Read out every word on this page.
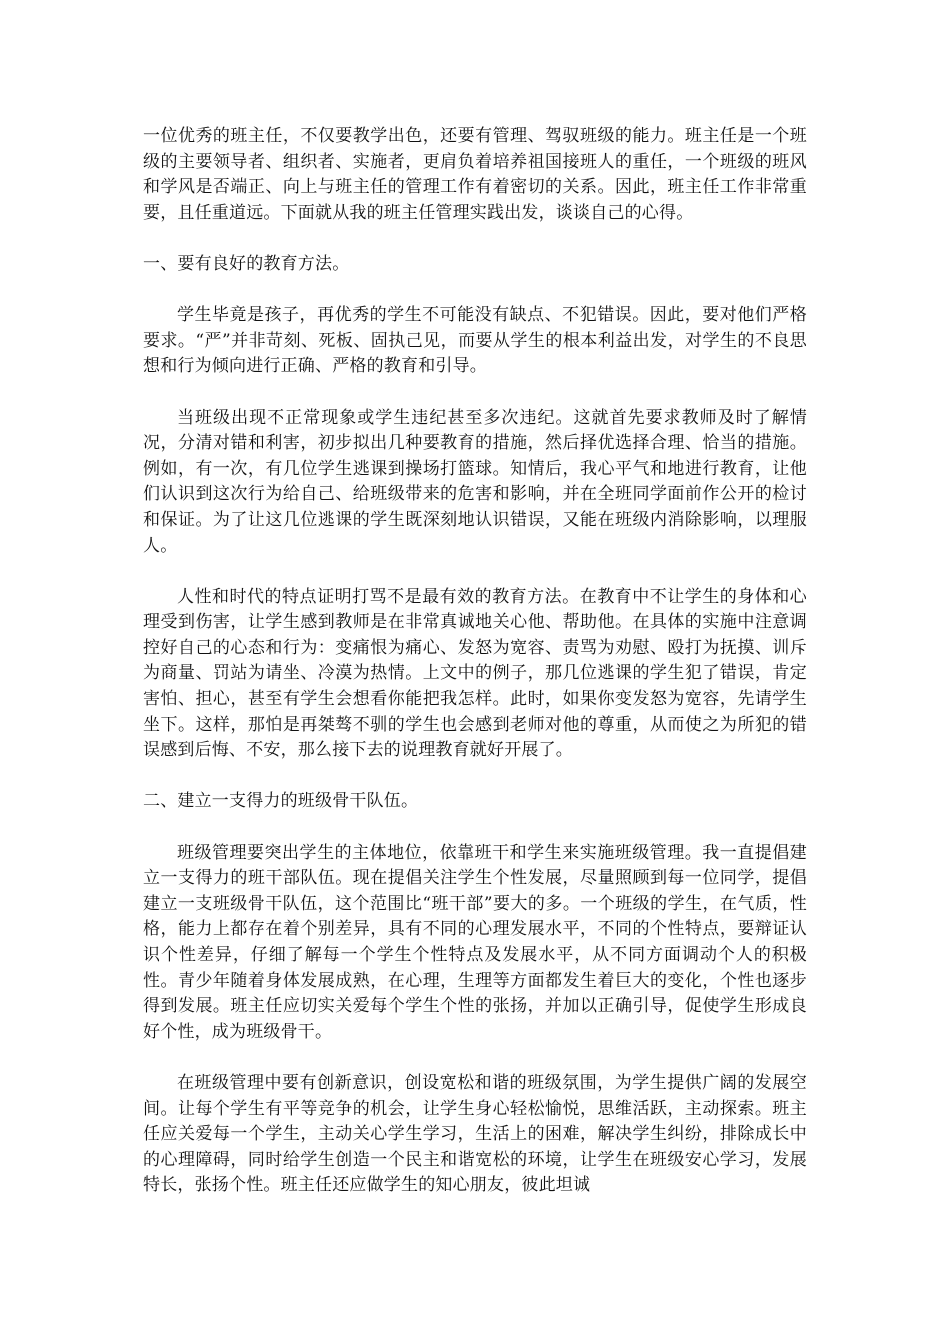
一位优秀的班主任，不仅要教学出色，还要有管理、驾驭班级的能力。班主任是一个班级的主要领导者、组织者、实施者，更肩负着培养祖国接班人的重任，一个班级的班风和学风是否端正、向上与班主任的管理工作有着密切的关系。因此，班主任工作非常重要，且任重道远。下面就从我的班主任管理实践出发，谈谈自己的心得。

一、要有良好的教育方法。

学生毕竟是孩子，再优秀的学生不可能没有缺点、不犯错误。因此，要对他们严格要求。“严”并非苛刻、死板、固执己见，而要从学生的根本利益出发，对学生的不良思想和行为倾向进行正确、严格的教育和引导。

当班级出现不正常现象或学生违纪甚至多次违纪。这就首先要求教师及时了解情况，分清对错和利害，初步拟出几种要教育的措施，然后择优选择合理、恰当的措施。例如，有一次，有几位学生逃课到操场打篮球。知情后，我心平气和地进行教育，让他们认识到这次行为给自己、给班级带来的危害和影响，并在全班同学面前作公开的检讨和保证。为了让这几位逃课的学生既深刻地认识错误，又能在班级内消除影响，以理服人。

人性和时代的特点证明打骂不是最有效的教育方法。在教育中不让学生的身体和心理受到伤害，让学生感到教师是在非常真诚地关心他、帮助他。在具体的实施中注意调控好自己的心态和行为：变痛恨为痛心、发怒为宽容、责骂为劝慰、殴打为抚摸、训斥为商量、罚站为请坐、冷漠为热情。上文中的例子，那几位逃课的学生犯了错误，肯定害怕、担心，甚至有学生会想看你能把我怎样。此时，如果你变发怒为宽容，先请学生坐下。这样，那怕是再桀骜不驯的学生也会感到老师对他的尊重，从而使之为所犯的错误感到后悔、不安，那么接下去的说理教育就好开展了。

二、建立一支得力的班级骨干队伍。

班级管理要突出学生的主体地位，依靠班干和学生来实施班级管理。我一直提倡建立一支得力的班干部队伍。现在提倡关注学生个性发展，尽量照顾到每一位同学，提倡建立一支班级骨干队伍，这个范围比“班干部”要大的多。一个班级的学生，在气质，性格，能力上都存在着个别差异，具有不同的心理发展水平，不同的个性特点，要辩证认识个性差异，仔细了解每一个学生个性特点及发展水平，从不同方面调动个人的积极性。青少年随着身体发展成熟，在心理，生理等方面都发生着巨大的变化，个性也逐步得到发展。班主任应切实关爱每个学生个性的张扬，并加以正确引导，促使学生形成良好个性，成为班级骨干。

在班级管理中要有创新意识，创设宽松和谐的班级氛围，为学生提供广阔的发展空间。让每个学生有平等竞争的机会，让学生身心轻松愉悦，思维活跃，主动探索。班主任应关爱每一个学生，主动关心学生学习，生活上的困难，解决学生纠纷，排除成长中的心理障碍，同时给学生创造一个民主和谐宽松的环境，让学生在班级安心学习，发展特长，张扬个性。班主任还应做学生的知心朋友，彼此坦诚
